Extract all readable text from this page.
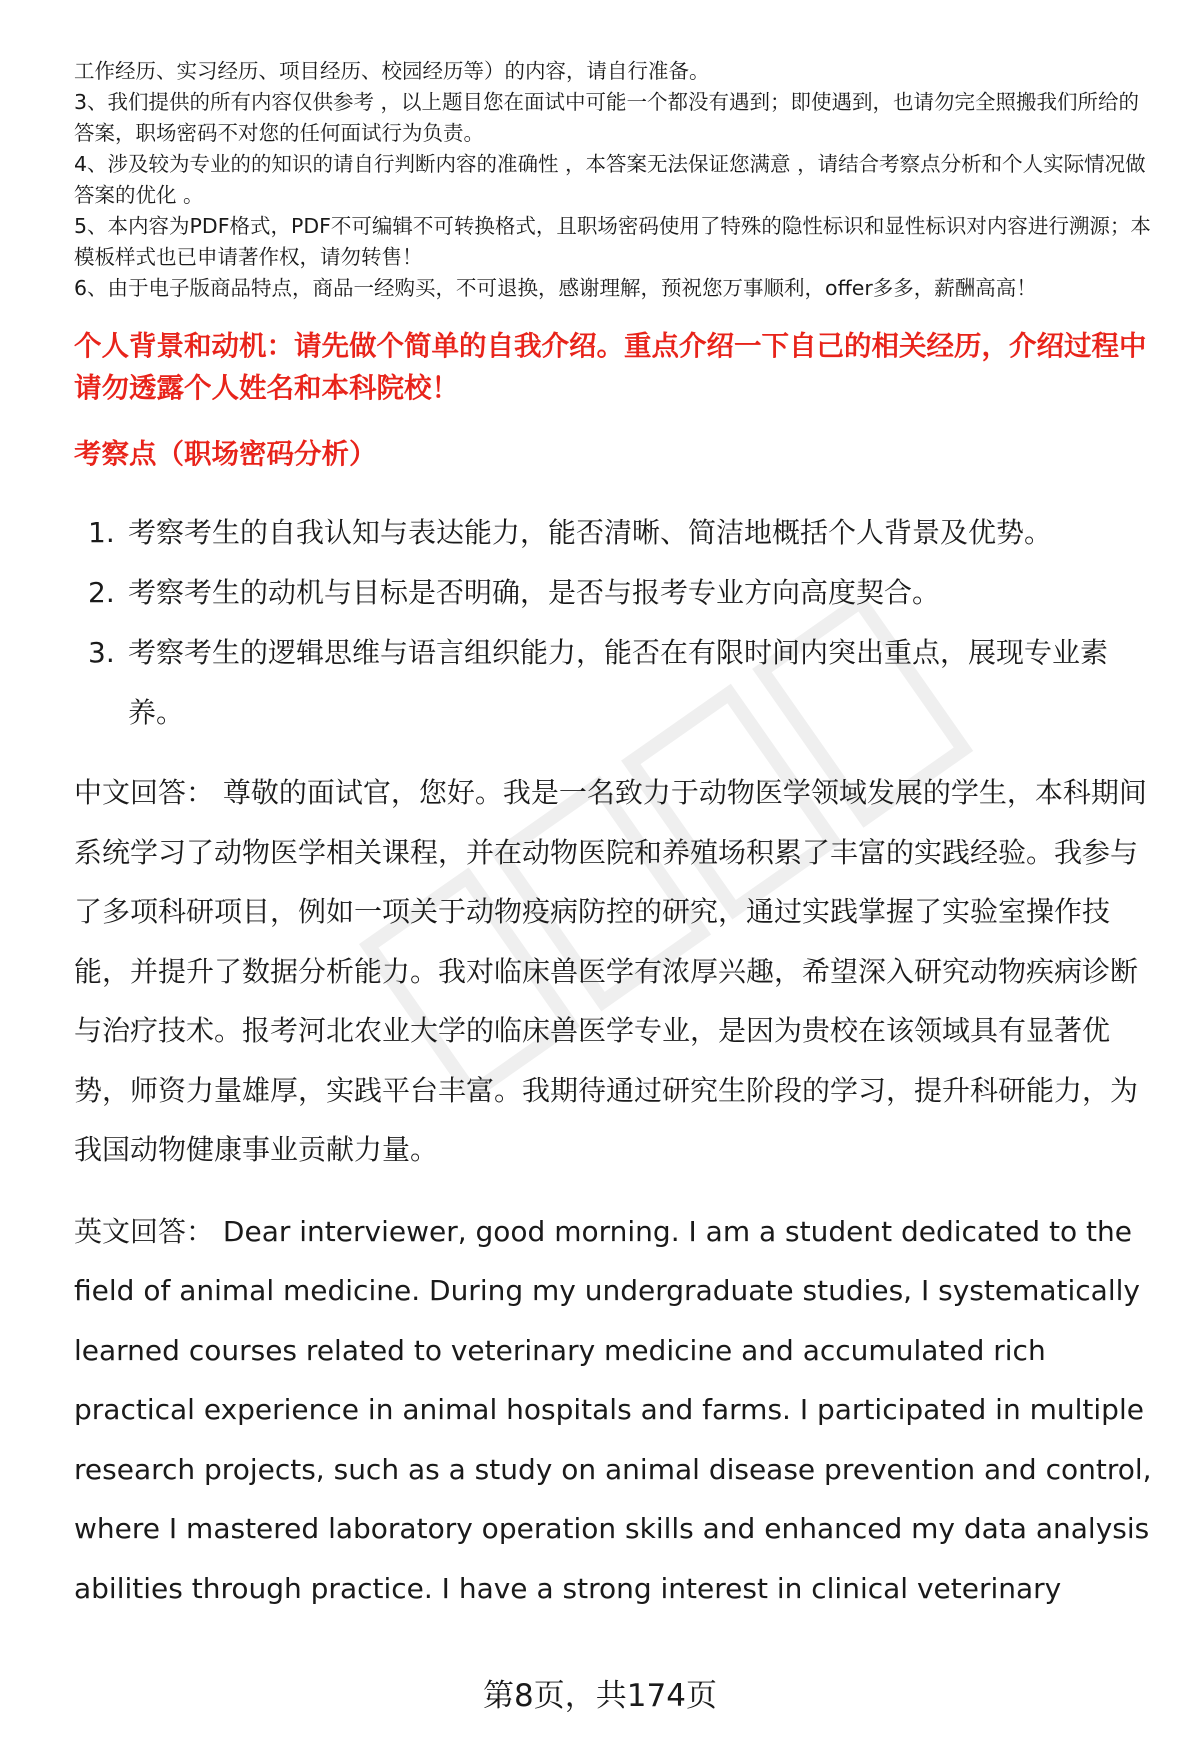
工作经历、实习经历、项目经历、校园经历等）的内容，请自行准备。

3、我们提供的所有内容仅供参考 ，以上题目您在面试中可能一个都没有遇到；即使遇到，也请勿完全照搬我们所给的答案，职场密码不对您的任何面试行为负责。

4、涉及较为专业的的知识的请自行判断内容的准确性 ，本答案无法保证您满意 ，请结合考察点分析和个人实际情况做答案的优化 。

5、本内容为PDF格式，PDF不可编辑不可转换格式，且职场密码使用了特殊的隐性标识和显性标识对内容进行溯源；本模板样式也已申请著作权，请勿转售！

6、由于电子版商品特点，商品一经购买，不可退换，感谢理解，预祝您万事顺利，offer多多，薪酬高高！

个人背景和动机：请先做个简单的自我介绍。重点介绍一下自己的相关经历，介绍过程中请勿透露个人姓名和本科院校！
考察点（职场密码分析）
1. 考察考生的自我认知与表达能力，能否清晰、简洁地概括个人背景及优势。
2. 考察考生的动机与目标是否明确，是否与报考专业方向高度契合。
3. 考察考生的逻辑思维与语言组织能力，能否在有限时间内突出重点，展现专业素养。

中文回答： 尊敬的面试官，您好。我是一名致力于动物医学领域发展的学生，本科期间系统学习了动物医学相关课程，并在动物医院和养殖场积累了丰富的实践经验。我参与了多项科研项目，例如一项关于动物疫病防控的研究，通过实践掌握了实验室操作技能，并提升了数据分析能力。我对临床兽医学有浓厚兴趣，希望深入研究动物疾病诊断与治疗技术。报考河北农业大学的临床兽医学专业，是因为贵校在该领域具有显著优势，师资力量雄厚，实践平台丰富。我期待通过研究生阶段的学习，提升科研能力，为我国动物健康事业贡献力量。

英文回答： Dear interviewer, good morning. I am a student dedicated to the field of animal medicine. During my undergraduate studies, I systematically learned courses related to veterinary medicine and accumulated rich practical experience in animal hospitals and farms. I participated in multiple research projects, such as a study on animal disease prevention and control, where I mastered laboratory operation skills and enhanced my data analysis abilities through practice. I have a strong interest in clinical veterinary

第8页，共174页
